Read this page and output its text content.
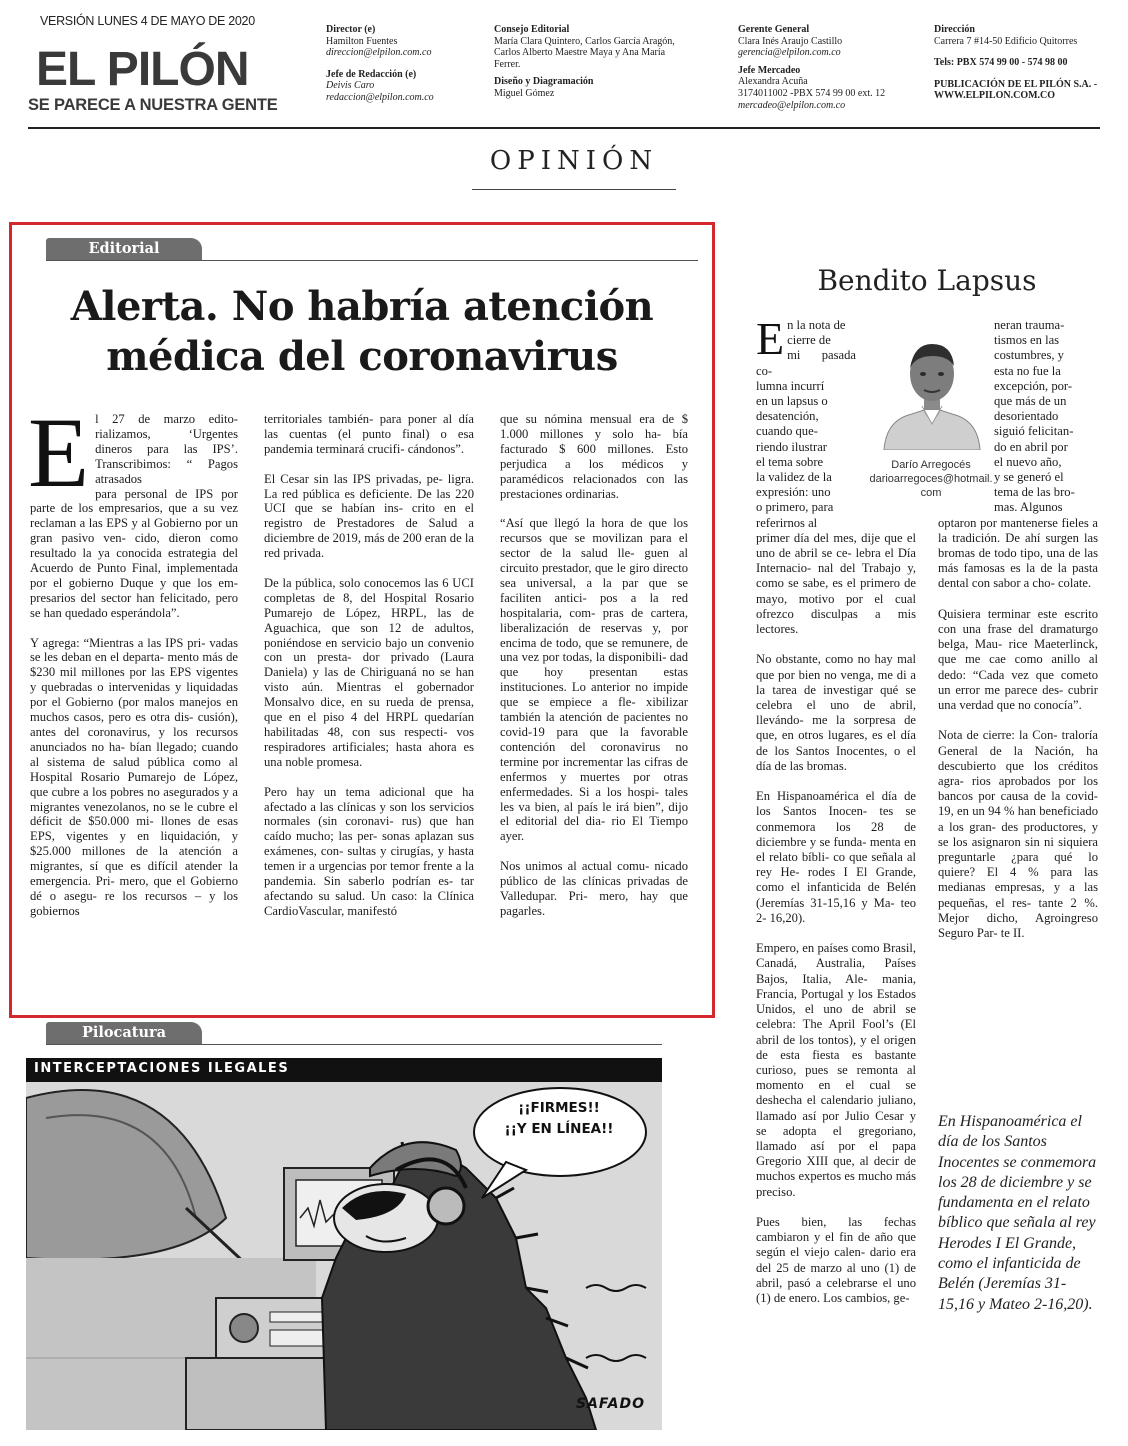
VERSIÓN LUNES 4 DE MAYO DE 2020
EL PILÓN
SE PARECE A NUESTRA GENTE
Director (e)
Hamilton Fuentes
direccion@elpilon.com.co
Jefe de Redacción (e)
Deivis Caro
redaccion@elpilon.com.co
Consejo Editorial
María Clara Quintero, Carlos García Aragón,
Carlos Alberto Maestre Maya y Ana María
Ferrer.
Diseño y Diagramación
Miguel Gómez
Gerente General
Clara Inés Araujo Castillo
gerencia@elpilon.com.co
Jefe Mercadeo
Alexandra Acuña
3174011002 -PBX 574 99 00 ext. 12
mercadeo@elpilon.com.co
Dirección
Carrera 7 #14-50 Edificio Quitorres
Tels: PBX 574 99 00 - 574 98 00
PUBLICACIÓN DE EL PILÓN S.A. -
WWW.ELPILON.COM.CO
OPINIÓN
Editorial
Alerta. No habría atención
médica del coronavirus
E l 27 de marzo edito- rializamos, ‘Urgentes dineros para las IPS’. Transcribimos: “ Pagos atrasados

para personal de IPS por parte de los empresarios, que a su vez reclaman a las EPS y al Gobierno por un gran pasivo ven- cido, dieron como resultado la ya conocida estrategia del Acuerdo de Punto Final, implementada por el gobierno Duque y que los em- presarios del sector han felicitado, pero se han quedado esperándola”.

Y agrega: “Mientras a las IPS pri- vadas se les deban en el departa- mento más de $230 mil millones por las EPS vigentes y quebradas o intervenidas y liquidadas por el Gobierno (por malos manejos en muchos casos, pero es otra dis- cusión), antes del coronavirus, y los recursos anunciados no ha- bían llegado; cuando al sistema de salud pública como al Hospital Rosario Pumarejo de López, que cubre a los pobres no asegurados y a migrantes venezolanos, no se le cubre el déficit de $50.000 mi- llones de esas EPS, vigentes y en liquidación, y $25.000 millones de la atención a migrantes, sí que es difícil atender la emergencia. Pri- mero, que el Gobierno dé o asegu- re los recursos – y los gobiernos

territoriales también- para poner al día las cuentas (el punto final) o esa pandemia terminará crucifi- cándonos”.

El Cesar sin las IPS privadas, pe- ligra. La red pública es deficiente. De las 220 UCI que se habían ins- crito en el registro de Prestadores de Salud a diciembre de 2019, más de 200 eran de la red privada.

De la pública, solo conocemos las 6 UCI completas de 8, del Hospital Rosario Pumarejo de López, HRPL, las de Aguachica, que son 12 de adultos, poniéndose en servicio bajo un convenio con un presta- dor privado (Laura Daniela) y las de Chiriguaná no se han visto aún. Mientras el gobernador Monsalvo dice, en su rueda de prensa, que en el piso 4 del HRPL quedarían habilitadas 48, con sus respecti- vos respiradores artificiales; hasta ahora es una noble promesa.

Pero hay un tema adicional que ha afectado a las clínicas y son los servicios normales (sin coronavi- rus) que han caído mucho; las per- sonas aplazan sus exámenes, con- sultas y cirugías, y hasta temen ir a urgencias por temor frente a la pandemia. Sin saberlo podrían es- tar afectando su salud. Un caso: la Clínica CardioVascular, manifestó

que su nómina mensual era de $ 1.000 millones y solo ha- bía facturado $ 600 millones. Esto perjudica a los médicos y paramédicos relacionados con las prestaciones ordinarias.

“Así que llegó la hora de que los recursos que se movilizan para el sector de la salud lle- guen al circuito prestador, que le giro directo sea universal, a la par que se faciliten antici- pos a la red hospitalaria, com- pras de cartera, liberalización de reservas y, por encima de todo, que se remunere, de una vez por todas, la disponibili- dad que hoy presentan estas instituciones. Lo anterior no impide que se empiece a fle- xibilizar también la atención de pacientes no covid-19 para que la favorable contención del coronavirus no termine por incrementar las cifras de enfermos y muertes por otras enfermedades. Si a los hospi- tales les va bien, al país le irá bien”, dijo el editorial del dia- rio El Tiempo ayer.

Nos unimos al actual comu- nicado público de las clínicas privadas de Valledupar. Pri- mero, hay que pagarles.

Bendito Lapsus
E n la nota de
cierre de
mi pasada co-
lumna incurrí
en un lapsus o
desatención,
cuando que-
riendo ilustrar
el tema sobre
la validez de la
expresión: uno
o primero, para
referirnos al

primer día del mes, dije que el uno de abril se ce- lebra el Día Internacio- nal del Trabajo y, como se sabe, es el primero de mayo, motivo por el cual ofrezco disculpas a mis lectores.

No obstante, como no hay mal que por bien no venga, me di a la tarea de investigar qué se celebra el uno de abril, llevándo- me la sorpresa de que, en otros lugares, es el día de los Santos Inocentes, o el día de las bromas.

En Hispanoamérica el día de los Santos Inocen- tes se conmemora los 28 de diciembre y se funda- menta en el relato bíbli- co que señala al rey He- rodes I El Grande, como el infanticida de Belén (Jeremías 31-15,16 y Ma- teo 2- 16,20).

Empero, en países como Brasil, Canadá, Australia, Países Bajos, Italia, Ale- mania, Francia, Portugal y los Estados Unidos, el uno de abril se celebra: The April Fool’s (El abril de los tontos), y el origen de esta fiesta es bastante curioso, pues se remonta al momento en el cual se deshecha el calendario juliano, llamado así por Julio Cesar y se adopta el gregoriano, llamado así por el papa Gregorio XIII que, al decir de muchos expertos es mucho más preciso.

Pues bien, las fechas cambiaron y el fin de año que según el viejo calen- dario era del 25 de marzo al uno (1) de abril, pasó a celebrarse el uno (1) de enero. Los cambios, ge-

neran trauma-
tismos en las
costumbres, y
esta no fue la
excepción, por-
que más de un
desorientado
siguió felicitan-
do en abril por
el nuevo año,
y se generó el
tema de las bro-
mas. Algunos

optaron por mantenerse fieles a la tradición. De ahí surgen las bromas de todo tipo, una de las más famosas es la de la pasta dental con sabor a cho- colate.

Quisiera terminar este escrito con una frase del dramaturgo belga, Mau- rice Maeterlinck, que me cae como anillo al dedo: “Cada vez que cometo un error me parece des- cubrir una verdad que no conocía”.

Nota de cierre: la Con- traloría General de la Nación, ha descubierto que los créditos agra- rios aprobados por los bancos por causa de la covid-19, en un 94 % han beneficiado a los gran- des productores, y se los asignaron sin ni siquiera preguntarle ¿para qué lo quiere? El 4 % para las medianas empresas, y a las pequeñas, el res- tante 2 %. Mejor dicho, Agroingreso Seguro Par- te II.

Darío Arregocés
darioarregoces@hotmail.
com
En Hispanoamérica el día de los Santos Inocentes se conmemora los 28 de diciembre y se fundamenta en el relato bíblico que señala al rey Herodes I El Grande, como el infanticida de Belén (Jeremías 31-15,16 y Mateo 2-16,20).
Pilocatura
INTERCEPTACIONES ILEGALES
¡¡FIRMES!!
¡¡Y EN LÍNEA!!
SAFADO
